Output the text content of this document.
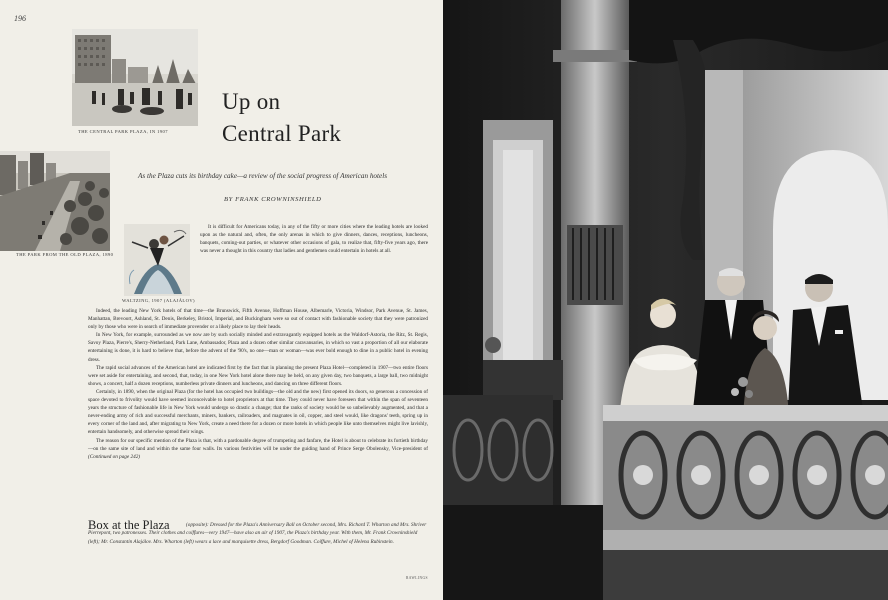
196
THE CENTRAL PARK PLAZA, IN 1907
THE PARK FROM THE OLD PLAZA, 1890
WALTZING, 1907 (ALAJÁLOV)
Up on
Central Park
As the Plaza cuts its birthday cake—a review of the social progress of American hotels
BY FRANK CROWNINSHIELD

It is difficult for Americans today, in any of the fifty or more cities where the leading hotels are looked upon as the natural and, often, the only arenas in which to give dinners, dances, receptions, luncheons, banquets, coming-out parties, or whatever other occasions of gala, to realize that, fifty-five years ago, there was never a thought in this country that ladies and gentlemen could entertain in hotels at all.

Indeed, the leading New York hotels of that time—the Brunswick, Fifth Avenue, Hoffman House, Albemarle, Victoria, Windsor, Park Avenue, St. James, Manhattan, Brevoort, Ashland, St. Denis, Berkeley, Bristol, Imperial, and Buckingham were so out of contact with fashionable society that they were patronized only by those who were in search of immediate provender or a likely place to lay their heads.

In New York, for example, surrounded as we now are by such socially minded and extravagantly equipped hotels as the Waldorf-Astoria, the Ritz, St. Regis, Savoy Plaza, Pierre's, Sherry-Netherland, Park Lane, Ambassador, Plaza and a dozen other similar caravansaries, in which so vast a proportion of all our elaborate entertaining is done, it is hard to believe that, before the advent of the '90's, no one—man or woman—was ever bold enough to dine in a public hotel in evening dress.

The rapid social advances of the American hotel are indicated first by the fact that in planning the present Plaza Hotel—completed in 1907—two entire floors were set aside for entertaining, and second, that, today, in one New York hotel alone there may be held, on any given day, two banquets, a large ball, two midnight shows, a concert, half a dozen receptions, numberless private dinners and luncheons, and dancing on three different floors.

Certainly, in 1890, when the original Plaza (for the hotel has occupied two buildings—the old and the new) first opened its doors, so generous a concession of space devoted to frivolity would have seemed inconceivable to hotel proprietors at that time. They could never have foreseen that within the span of seventeen years the structure of fashionable life in New York would undergo so drastic a change; that the ranks of society would be so unbelievably augmented, and that a never-ending army of rich and successful merchants, miners, bankers, railroaders, and magnates in oil, copper, and steel would, like dragons' teeth, spring up in every corner of the land and, after migrating to New York, create a need there for a dozen or more hotels in which people like unto themselves might live lavishly, entertain handsomely, and otherwise spread their wings.

The reason for our specific mention of the Plaza is that, with a pardonable degree of trumpeting and fanfare, the Hotel is about to celebrate its fortieth birthday—on the same site of land and within the same four walls. Its various festivities will be under the guiding hand of Prince Serge Obolensky, Vice-president of (Continued on page 242)

Box at the Plaza	(opposite): Dressed for the Plaza's Anniversary Ball on October second, Mrs. Richard T. Wharton and Mrs. Shriver Pierrepont, two patronesses. Their clothes and coiffures—very 1947—have also an air of 1907, the Plaza's birthday year. With them, Mr. Frank Crowninshield (left); Mr. Constantin Alajálov. Mrs. Wharton (left) wears a lace and marquisette dress, Bergdorf Goodman. Coiffure, Michel of Helena Rubinstein.
RAWLINGS
